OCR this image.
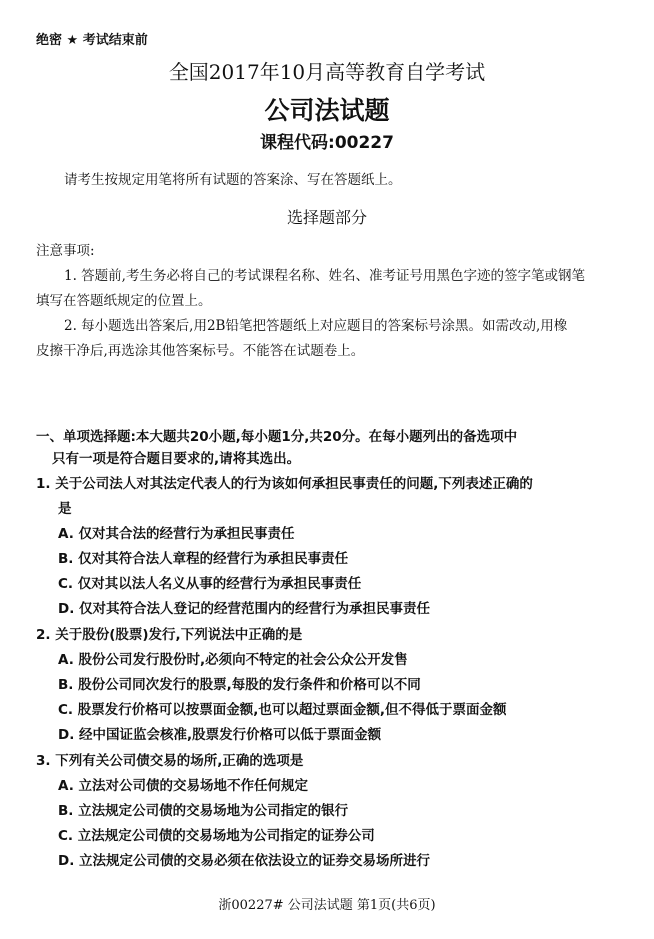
绝密 ★ 考试结束前
全国2017年10月高等教育自学考试
公司法试题
课程代码:00227
请考生按规定用笔将所有试题的答案涂、写在答题纸上。
选择题部分
注意事项:
1. 答题前,考生务必将自己的考试课程名称、姓名、准考证号用黑色字迹的签字笔或钢笔
填写在答题纸规定的位置上。
2. 每小题选出答案后,用2B铅笔把答题纸上对应题目的答案标号涂黑。如需改动,用橡
皮擦干净后,再选涂其他答案标号。不能答在试题卷上。
一、单项选择题:本大题共20小题,每小题1分,共20分。在每小题列出的备选项中
只有一项是符合题目要求的,请将其选出。
1. 关于公司法人对其法定代表人的行为该如何承担民事责任的问题,下列表述正确的
是
A. 仅对其合法的经营行为承担民事责任
B. 仅对其符合法人章程的经营行为承担民事责任
C. 仅对其以法人名义从事的经营行为承担民事责任
D. 仅对其符合法人登记的经营范围内的经营行为承担民事责任
2. 关于股份(股票)发行,下列说法中正确的是
A. 股份公司发行股份时,必须向不特定的社会公众公开发售
B. 股份公司同次发行的股票,每股的发行条件和价格可以不同
C. 股票发行价格可以按票面金额,也可以超过票面金额,但不得低于票面金额
D. 经中国证监会核准,股票发行价格可以低于票面金额
3. 下列有关公司债交易的场所,正确的选项是
A. 立法对公司债的交易场地不作任何规定
B. 立法规定公司债的交易场地为公司指定的银行
C. 立法规定公司债的交易场地为公司指定的证券公司
D. 立法规定公司债的交易必须在依法设立的证券交易场所进行
浙00227# 公司法试题 第1页(共6页)
